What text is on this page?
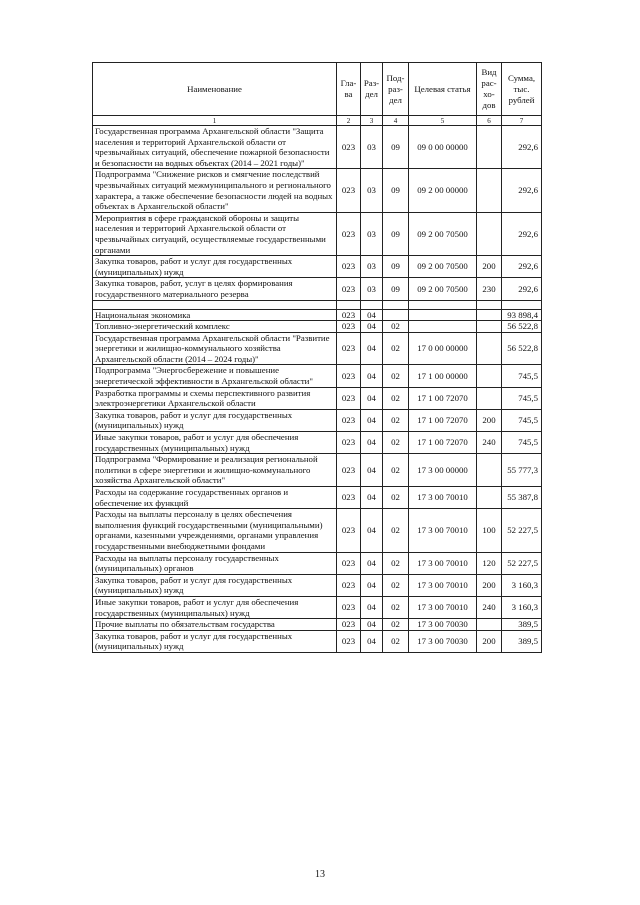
Наименование	Гла-ва	Раз-дел	Под-раз-дел	Целевая статья	Вид рас-хо-дов	Сумма, тыс. рублей
1	2	3	4	5	6	7
Государственная программа Архангельской области "Защита населения и территорий Архангельской области от чрезвычайных ситуаций, обеспечение пожарной безопасности и безопасности на водных объектах (2014 – 2021 годы)"	023	03	09	09 0 00 00000		292,6
Подпрограмма "Снижение рисков и смягчение последствий чрезвычайных ситуаций межмуниципального и регионального характера, а также обеспечение безопасности людей на водных объектах в Архангельской области"	023	03	09	09 2 00 00000		292,6
Мероприятия в сфере гражданской обороны и защиты населения и территорий Архангельской области от чрезвычайных ситуаций, осуществляемые государственными органами	023	03	09	09 2 00 70500		292,6
Закупка товаров, работ и услуг для государственных (муниципальных) нужд	023	03	09	09 2 00 70500	200	292,6
Закупка товаров, работ, услуг в целях формирования государственного материального резерва	023	03	09	09 2 00 70500	230	292,6

Национальная экономика	023	04				93 898,4
Топливно-энергетический комплекс	023	04	02			56 522,8
Государственная программа Архангельской области "Развитие энергетики и жилищно-коммунального хозяйства Архангельской области (2014 – 2024 годы)"	023	04	02	17 0 00 00000		56 522,8
Подпрограмма "Энергосбережение и повышение энергетической эффективности в Архангельской области"	023	04	02	17 1 00 00000		745,5
Разработка программы и схемы перспективного развития электроэнергетики Архангельской области	023	04	02	17 1 00 72070		745,5
Закупка товаров, работ и услуг для государственных (муниципальных) нужд	023	04	02	17 1 00 72070	200	745,5
Иные закупки товаров, работ и услуг для обеспечения государственных (муниципальных) нужд	023	04	02	17 1 00 72070	240	745,5
Подпрограмма "Формирование и реализация региональной политики в сфере энергетики и жилищно-коммунального хозяйства Архангельской области"	023	04	02	17 3 00 00000		55 777,3
Расходы на содержание государственных органов и обеспечение их функций	023	04	02	17 3 00 70010		55 387,8
Расходы на выплаты персоналу в целях обеспечения выполнения функций государственными (муниципальными) органами, казенными учреждениями, органами управления государственными внебюджетными фондами	023	04	02	17 3 00 70010	100	52 227,5
Расходы на выплаты персоналу государственных (муниципальных) органов	023	04	02	17 3 00 70010	120	52 227,5
Закупка товаров, работ и услуг для государственных (муниципальных) нужд	023	04	02	17 3 00 70010	200	3 160,3
Иные закупки товаров, работ и услуг для обеспечения государственных (муниципальных) нужд	023	04	02	17 3 00 70010	240	3 160,3
Прочие выплаты по обязательствам государства	023	04	02	17 3 00 70030		389,5
Закупка товаров, работ и услуг для государственных (муниципальных) нужд	023	04	02	17 3 00 70030	200	389,5
13
